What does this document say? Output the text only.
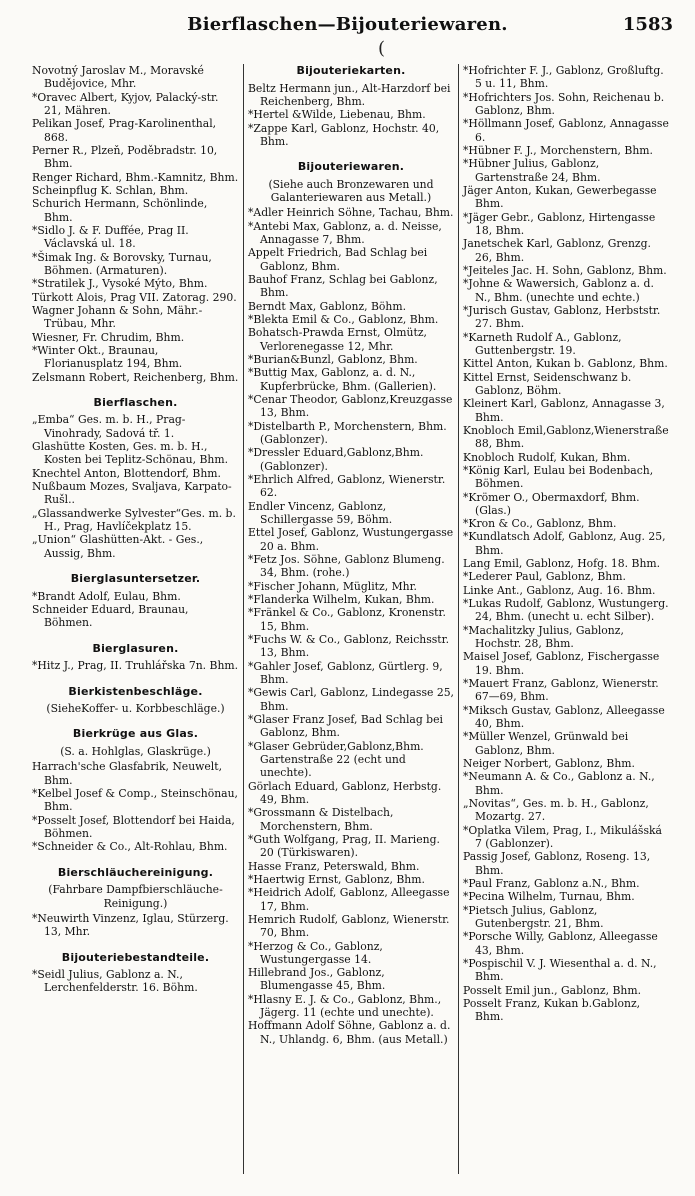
Bierflaschen—Bijouteriewaren.	1583
(

Novotný Jaroslav M., Moravské Budějovice, Mhr.

*Oravec Albert, Kyjov, Palacký-str. 21, Mähren.

Pelikan Josef, Prag-Karolinenthal, 868.

Perner R., Plzeň, Poděbradstr. 10, Bhm.

Renger Richard, Bhm.-Kamnitz, Bhm.

Scheinpflug K. Schlan, Bhm.

Schurich Hermann, Schönlinde, Bhm.

*Sidlo J. & F. Duffée, Prag II. Václavská ul. 18.

*Šimak Ing. & Borovsky, Turnau, Böhmen. (Armaturen).

*Stratilek J., Vysoké Mýto, Bhm.

Türkott Alois, Prag VII. Zatorag. 290.

Wagner Johann & Sohn, Mähr.-Trübau, Mhr.

Wiesner, Fr. Chrudim, Bhm.

*Winter Okt., Braunau, Florianusplatz 194, Bhm.

Zelsmann Robert, Reichenberg, Bhm.

Bierflaschen.

„Emba“ Ges. m. b. H., Prag-Vinohrady, Sadová tř. 1.

Glashütte Kosten, Ges. m. b. H., Kosten bei Teplitz-Schönau, Bhm.

Knechtel Anton, Blottendorf, Bhm.

Nußbaum Mozes, Svaljava, Karpato-Rušl..

„Glassandwerke Sylvester“Ges. m. b. H., Prag, Havlíčekplatz 15.

„Union“ Glashütten-Akt. - Ges., Aussig, Bhm.

Bierglasuntersetzer.

*Brandt Adolf, Eulau, Bhm.

Schneider Eduard, Braunau, Böhmen.

Bierglasuren.

*Hitz J., Prag, II. Truhlářska 7n. Bhm.

Bierkistenbeschläge.

(SieheKoffer- u. Korbbeschläge.)

Bierkrüge aus Glas.

(S. a. Hohlglas, Glaskrüge.)

Harrach'sche Glasfabrik, Neuwelt, Bhm.

*Kelbel Josef & Comp., Steinschönau, Bhm.

*Posselt Josef, Blottendorf bei Haida, Böhmen.

*Schneider & Co., Alt-Rohlau, Bhm.

Bierschläuchereinigung.

(Fahrbare Dampfbierschläuche-Reinigung.)

*Neuwirth Vinzenz, Iglau, Stürzerg. 13, Mhr.

Bijouteriebestandteile.

*Seidl Julius, Gablonz a. N., Lerchenfelderstr. 16. Böhm.

Bijouteriekarten.

Beltz Hermann jun., Alt-Harzdorf bei Reichenberg, Bhm.

*Hertel &Wilde, Liebenau, Bhm.

*Zappe Karl, Gablonz, Hochstr. 40, Bhm.

Bijouteriewaren.

(Siehe auch Bronzewaren und Galanteriewaren aus Metall.)

*Adler Heinrich Söhne, Tachau, Bhm.

*Antebi Max, Gablonz, a. d. Neisse, Annagasse 7, Bhm.

Appelt Friedrich, Bad Schlag bei Gablonz, Bhm.

Bauhof Franz, Schlag bei Gablonz, Bhm.

Berndt Max, Gablonz, Böhm.

*Blekta Emil & Co., Gablonz, Bhm.

Bohatsch-Prawda Ernst, Olmütz, Verlorenegasse 12, Mhr.

*Burian&Bunzl, Gablonz, Bhm.

*Buttig Max, Gablonz, a. d. N., Kupferbrücke, Bhm. (Gallerien).

*Cenar Theodor, Gablonz,Kreuzgasse 13, Bhm.

*Distelbarth P., Morchenstern, Bhm. (Gablonzer).

*Dressler Eduard,Gablonz,Bhm. (Gablonzer).

*Ehrlich Alfred, Gablonz, Wienerstr. 62.

Endler Vincenz, Gablonz, Schillergasse 59, Böhm.

Ettel Josef, Gablonz, Wustungergasse 20 a. Bhm.

*Fetz Jos. Söhne, Gablonz Blumeng. 34, Bhm. (rohe.)

*Fischer Johann, Müglitz, Mhr.

*Flanderka Wilhelm, Kukan, Bhm.

*Fränkel & Co., Gablonz, Kronenstr. 15, Bhm.

*Fuchs W. & Co., Gablonz, Reichsstr. 13, Bhm.

*Gahler Josef, Gablonz, Gürtlerg. 9, Bhm.

*Gewis Carl, Gablonz, Lindegasse 25, Bhm.

*Glaser Franz Josef, Bad Schlag bei Gablonz, Bhm.

*Glaser Gebrüder,Gablonz,Bhm. Gartenstraße 22 (echt und unechte).

Görlach Eduard, Gablonz, Herbstg. 49, Bhm.

*Grossmann & Distelbach, Morchenstern, Bhm.

*Guth Wolfgang, Prag, II. Marieng. 20 (Türkiswaren).

Hasse Franz, Peterswald, Bhm.

*Haertwig Ernst, Gablonz, Bhm.

*Heidrich Adolf, Gablonz, Alleegasse 17, Bhm.

Hemrich Rudolf, Gablonz, Wienerstr. 70, Bhm.

*Herzog & Co., Gablonz, Wustungergasse 14.

Hillebrand Jos., Gablonz, Blumengasse 45, Bhm.

*Hlasny E. J. & Co., Gablonz, Bhm., Jägerg. 11 (echte und unechte).

Hoffmann Adolf Söhne, Gablonz a. d. N., Uhlandg. 6, Bhm. (aus Metall.)

*Hofrichter F. J., Gablonz, Großluftg. 5 u. 11, Bhm.

*Hofrichters Jos. Sohn, Reichenau b. Gablonz, Bhm.

*Höllmann Josef, Gablonz, Annagasse 6.

*Hübner F. J., Morchenstern, Bhm.

*Hübner Julius, Gablonz, Gartenstraße 24, Bhm.

Jäger Anton, Kukan, Gewerbegasse Bhm.

*Jäger Gebr., Gablonz, Hirtengasse 18, Bhm.

Janetschek Karl, Gablonz, Grenzg. 26, Bhm.

*Jeiteles Jac. H. Sohn, Gablonz, Bhm.

*Johne & Wawersich, Gablonz a. d. N., Bhm. (unechte und echte.)

*Jurisch Gustav, Gablonz, Herbststr. 27. Bhm.

*Karneth Rudolf A., Gablonz, Guttenbergstr. 19.

Kittel Anton, Kukan b. Gablonz, Bhm.

Kittel Ernst, Seidenschwanz b. Gablonz, Böhm.

Kleinert Karl, Gablonz, Annagasse 3, Bhm.

Knobloch Emil,Gablonz,Wienerstraße 88, Bhm.

Knobloch Rudolf, Kukan, Bhm.

*König Karl, Eulau bei Bodenbach, Böhmen.

*Krömer O., Obermaxdorf, Bhm. (Glas.)

*Kron & Co., Gablonz, Bhm.

*Kundlatsch Adolf, Gablonz, Aug. 25, Bhm.

Lang Emil, Gablonz, Hofg. 18. Bhm.

*Lederer Paul, Gablonz, Bhm.

Linke Ant., Gablonz, Aug. 16. Bhm.

*Lukas Rudolf, Gablonz, Wustungerg. 24, Bhm. (unecht u. echt Silber).

*Machalitzky Julius, Gablonz, Hochstr. 28, Bhm.

Maisel Josef, Gablonz, Fischergasse 19. Bhm.

*Mauert Franz, Gablonz, Wienerstr. 67—69, Bhm.

*Miksch Gustav, Gablonz, Alleegasse 40, Bhm.

*Müller Wenzel, Grünwald bei Gablonz, Bhm.

Neiger Norbert, Gablonz, Bhm.

*Neumann A. & Co., Gablonz a. N., Bhm.

„Novitas“, Ges. m. b. H., Gablonz, Mozartg. 27.

*Oplatka Vilem, Prag, I., Mikulášská 7 (Gablonzer).

Passig Josef, Gablonz, Roseng. 13, Bhm.

*Paul Franz, Gablonz a.N., Bhm.

*Pecina Wilhelm, Turnau, Bhm.

*Pietsch Julius, Gablonz, Gutenbergstr. 21, Bhm.

*Porsche Willy, Gablonz, Alleegasse 43, Bhm.

*Pospischil V. J. Wiesenthal a. d. N., Bhm.

Posselt Emil jun., Gablonz, Bhm.

Posselt Franz, Kukan b.Gablonz, Bhm.
